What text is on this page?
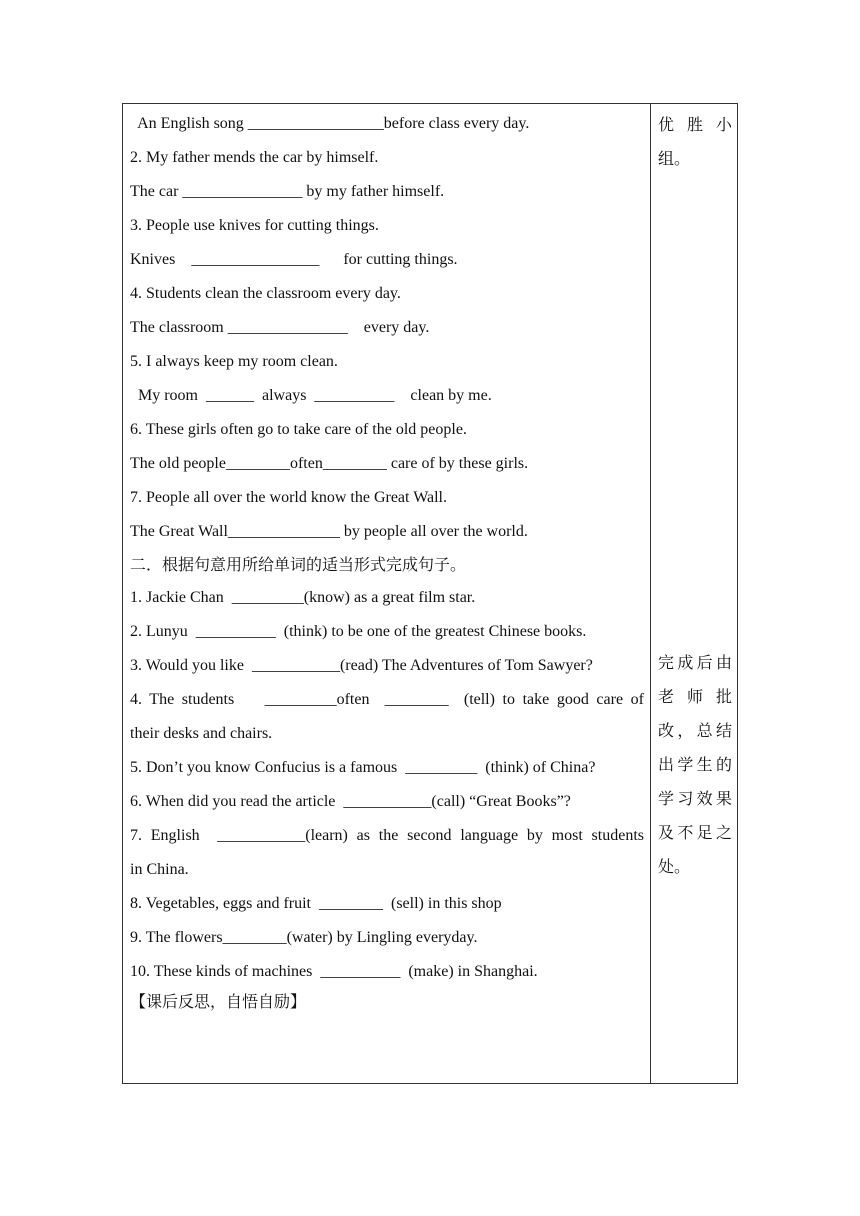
An English song _________________before class every day.
2. My father mends the car by himself.
The car _______________ by my father himself.
3. People use knives for cutting things.
Knives    ________________      for cutting things.
4. Students clean the classroom every day.
The classroom _______________    every day.
5. I always keep my room clean.
My room  ______  always  __________    clean by me.
6. These girls often go to take care of the old people.
The old people________often________ care of by these girls.
7. People all over the world know the Great Wall.
The Great Wall______________ by people all over the world.
二．根据句意用所给单词的适当形式完成句子。
1. Jackie Chan  _________(know) as a great film star.
2. Lunyu  __________  (think) to be one of the greatest Chinese books.
3. Would you like  ___________(read) The Adventures of Tom Sawyer?
4. The students    _________often  ________  (tell) to take good care of
their desks and chairs.
5. Don’t you know Confucius is a famous  _________  (think) of China?
6. When did you read the article  ___________(call) “Great Books”?
7. English  ___________(learn) as the second language by most students
in China.
8. Vegetables, eggs and fruit  ________  (sell) in this shop
9. The flowers________(water) by Lingling everyday.
10. These kinds of machines  __________  (make) in Shanghai.
【课后反思，自悟自励】
优胜小
组。
完成后由
老师批
改，总结
出学生的
学习效果
及不足之
处。
